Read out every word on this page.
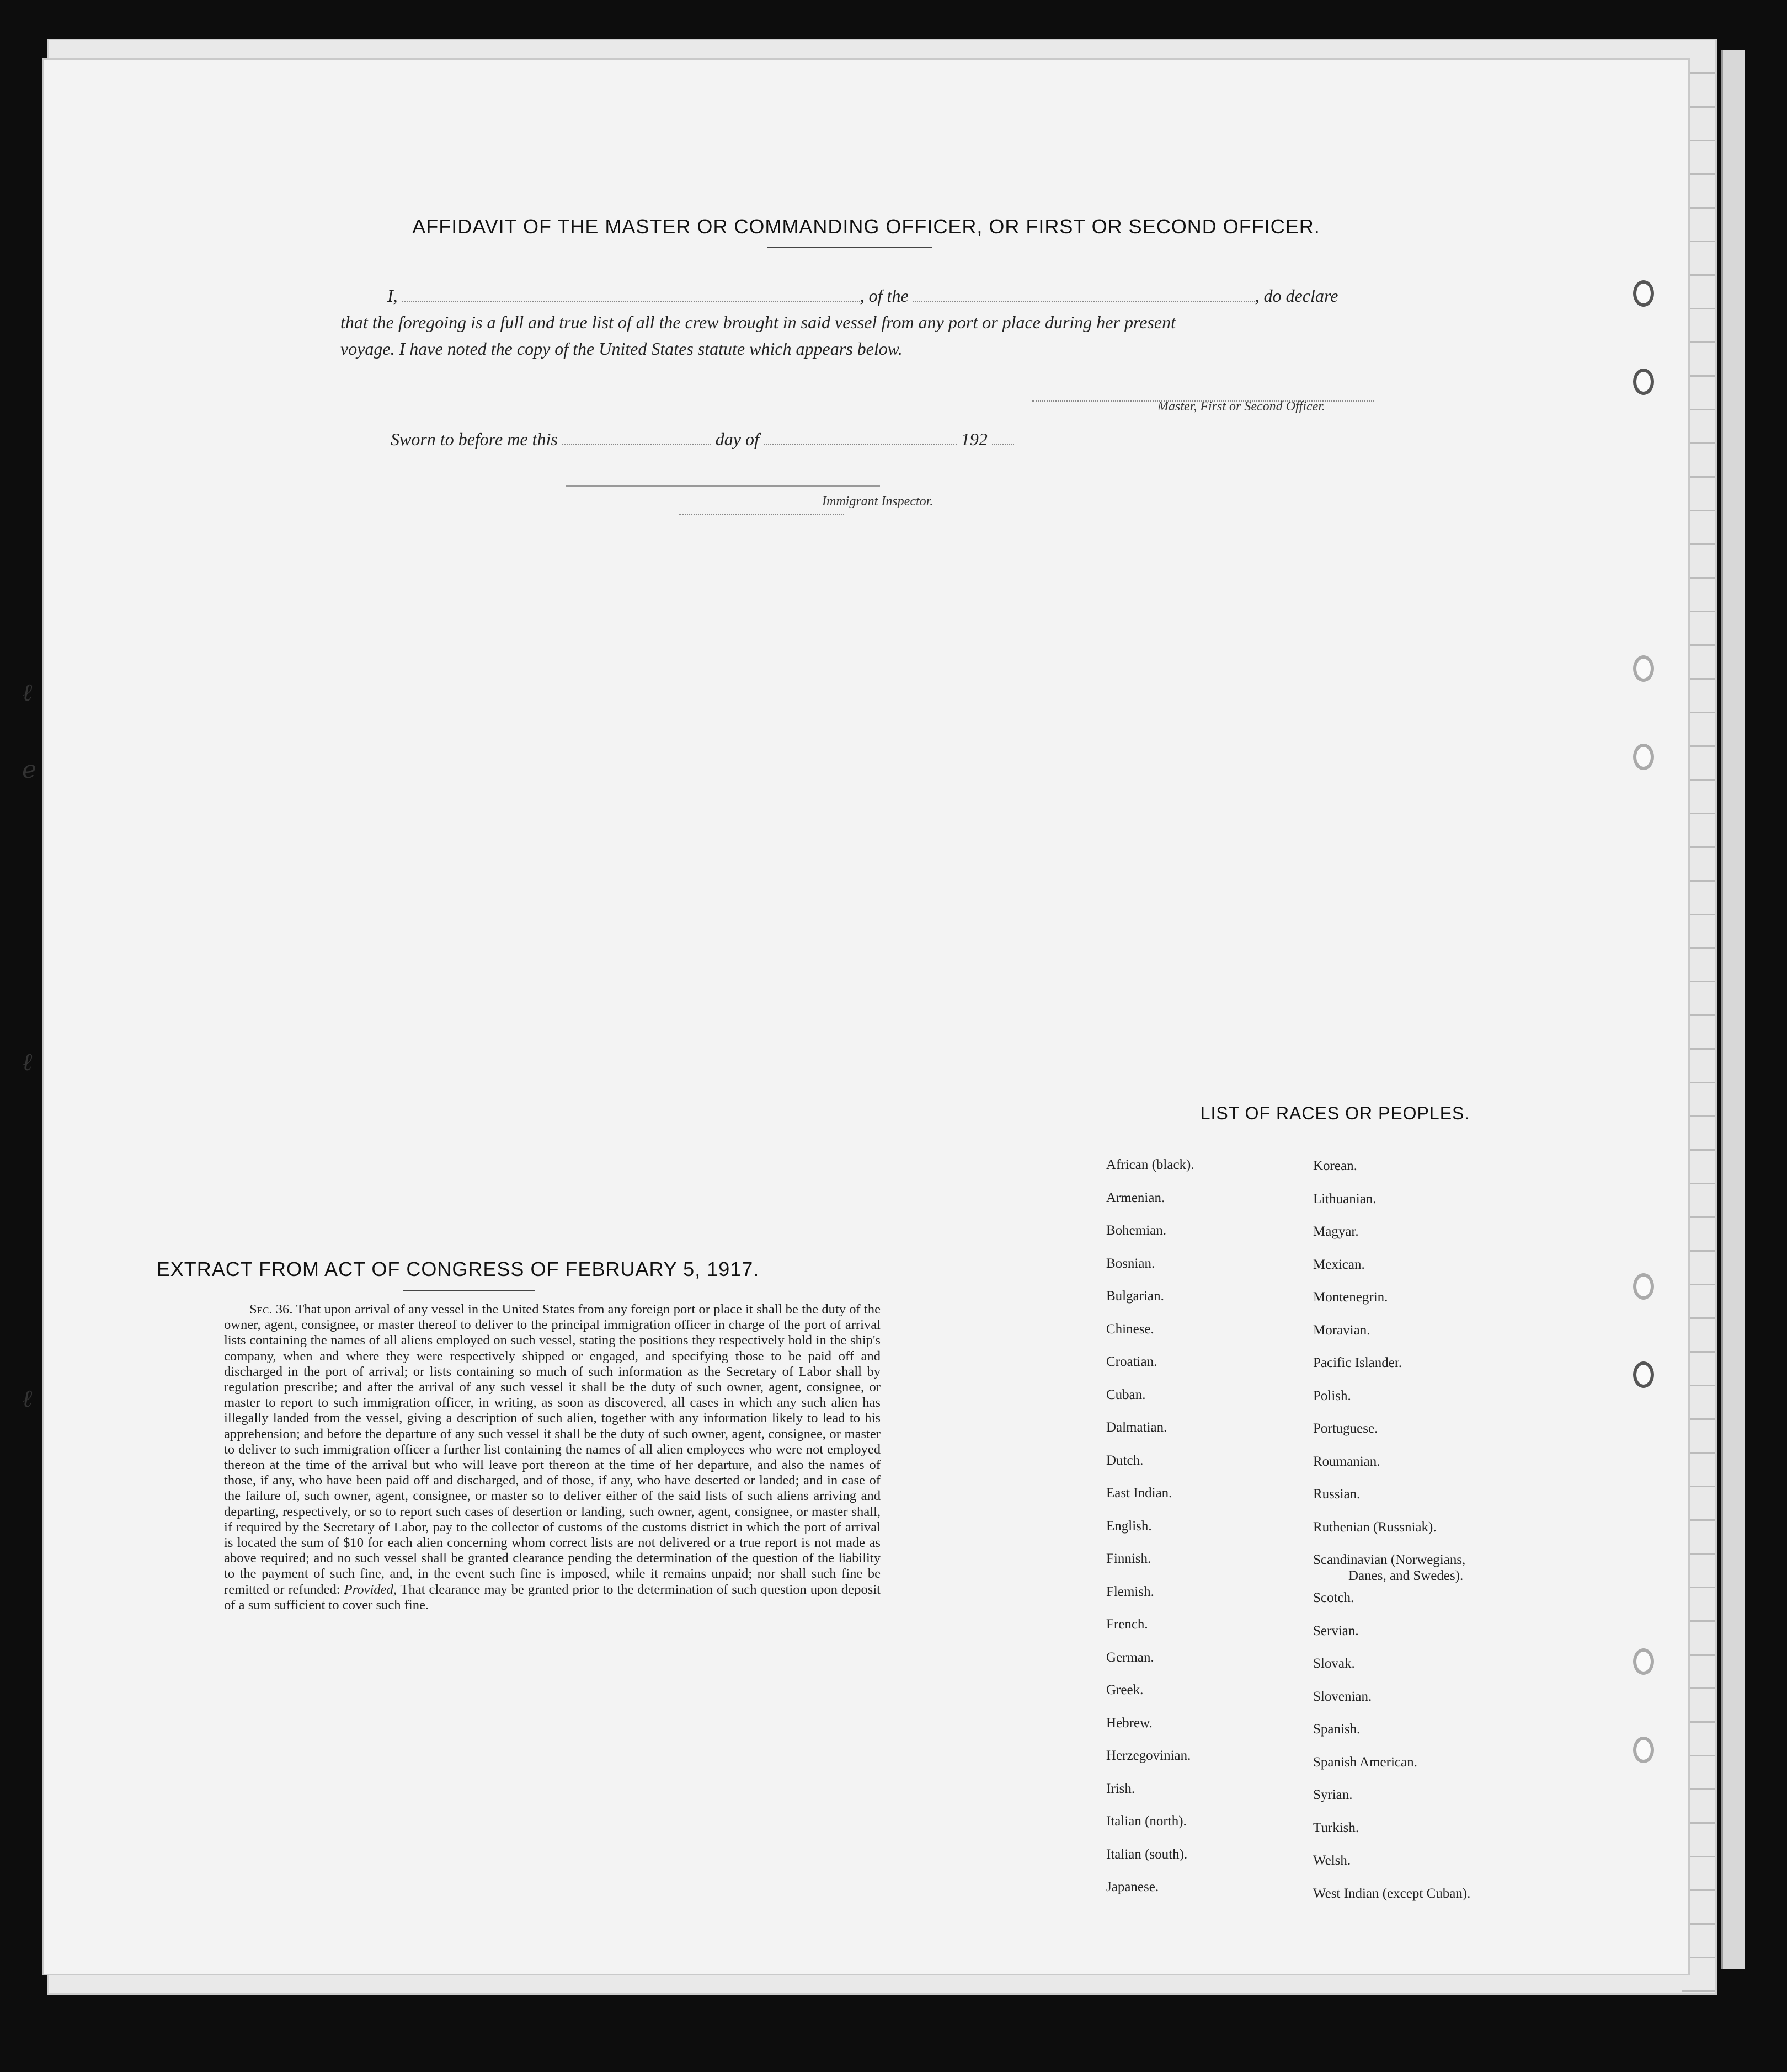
ℓ
e
ℓ
ℓ
AFFIDAVIT OF THE MASTER OR COMMANDING OFFICER, OR FIRST OR SECOND OFFICER.
I,	, of the	, do declare
that the foregoing is a full and true list of all the crew brought in said vessel from any port or place during her present
voyage. I have noted the copy of the United States statute which appears below.
Master, First or Second Officer.
Sworn to before me this	day of	192
Immigrant Inspector.
EXTRACT FROM ACT OF CONGRESS OF FEBRUARY 5, 1917.
Sec. 36. That upon arrival of any vessel in the United States from any foreign port or place it shall be the duty of the owner, agent, consignee, or master thereof to deliver to the principal immigration officer in charge of the port of arrival lists containing the names of all aliens employed on such vessel, stating the positions they respectively hold in the ship's company, when and where they were respectively shipped or engaged, and specifying those to be paid off and discharged in the port of arrival; or lists containing so much of such information as the Secretary of Labor shall by regulation prescribe; and after the arrival of any such vessel it shall be the duty of such owner, agent, consignee, or master to report to such immigration officer, in writing, as soon as discovered, all cases in which any such alien has illegally landed from the vessel, giving a description of such alien, together with any information likely to lead to his apprehension; and before the departure of any such vessel it shall be the duty of such owner, agent, consignee, or master to deliver to such immigration officer a further list containing the names of all alien employees who were not employed thereon at the time of the arrival but who will leave port thereon at the time of her departure, and also the names of those, if any, who have been paid off and discharged, and of those, if any, who have deserted or landed; and in case of the failure of, such owner, agent, consignee, or master so to deliver either of the said lists of such aliens arriving and departing, respectively, or so to report such cases of desertion or landing, such owner, agent, consignee, or master shall, if required by the Secretary of Labor, pay to the collector of customs of the customs district in which the port of arrival is located the sum of $10 for each alien concerning whom correct lists are not delivered or a true report is not made as above required; and no such vessel shall be granted clearance pending the determination of the question of the liability to the payment of such fine, and, in the event such fine is imposed, while it remains unpaid; nor shall such fine be remitted or refunded: Provided, That clearance may be granted prior to the determination of such question upon deposit of a sum sufficient to cover such fine.
LIST OF RACES OR PEOPLES.
African (black).
Armenian.
Bohemian.
Bosnian.
Bulgarian.
Chinese.
Croatian.
Cuban.
Dalmatian.
Dutch.
East Indian.
English.
Finnish.
Flemish.
French.
German.
Greek.
Hebrew.
Herzegovinian.
Irish.
Italian (north).
Italian (south).
Japanese.
Korean.
Lithuanian.
Magyar.
Mexican.
Montenegrin.
Moravian.
Pacific Islander.
Polish.
Portuguese.
Roumanian.
Russian.
Ruthenian (Russniak).
Scandinavian (Norwegians,
Danes, and Swedes).
Scotch.
Servian.
Slovak.
Slovenian.
Spanish.
Spanish American.
Syrian.
Turkish.
Welsh.
West Indian (except Cuban).
